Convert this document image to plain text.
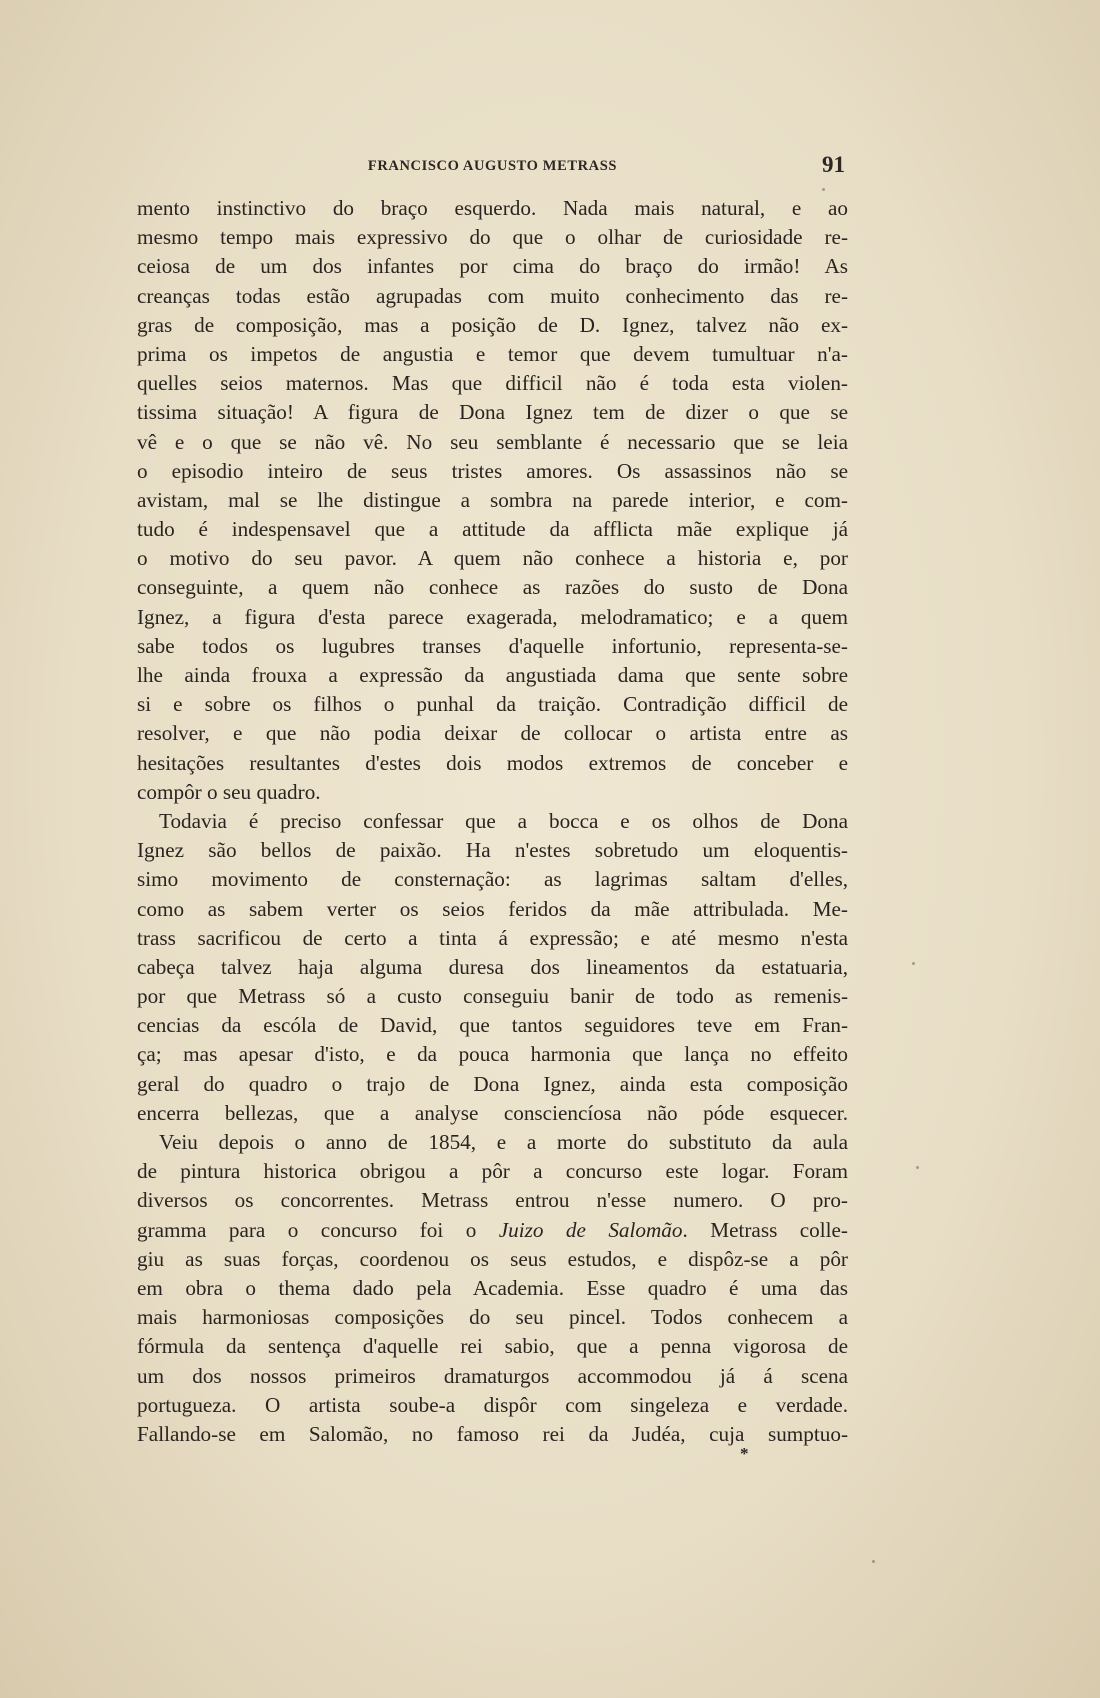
FRANCISCO AUGUSTO METRASS	91
mento instinctivo do braço esquerdo. Nada mais natural, e ao
mesmo tempo mais expressivo do que o olhar de curiosidade re-
ceiosa de um dos infantes por cima do braço do irmão! As
creanças todas estão agrupadas com muito conhecimento das re-
gras de composição, mas a posição de D. Ignez, talvez não ex-
prima os impetos de angustia e temor que devem tumultuar n'a-
quelles seios maternos. Mas que difficil não é toda esta violen-
tissima situação! A figura de Dona Ignez tem de dizer o que se
vê e o que se não vê. No seu semblante é necessario que se leia
o episodio inteiro de seus tristes amores. Os assassinos não se
avistam, mal se lhe distingue a sombra na parede interior, e com-
tudo é indespensavel que a attitude da afflicta mãe explique já
o motivo do seu pavor. A quem não conhece a historia e, por
conseguinte, a quem não conhece as razões do susto de Dona
Ignez, a figura d'esta parece exagerada, melodramatico; e a quem
sabe todos os lugubres transes d'aquelle infortunio, representa-se-
lhe ainda frouxa a expressão da angustiada dama que sente sobre
si e sobre os filhos o punhal da traição. Contradição difficil de
resolver, e que não podia deixar de collocar o artista entre as
hesitações resultantes d'estes dois modos extremos de conceber e
compôr o seu quadro.
Todavia é preciso confessar que a bocca e os olhos de Dona
Ignez são bellos de paixão. Ha n'estes sobretudo um eloquentis-
simo movimento de consternação: as lagrimas saltam d'elles,
como as sabem verter os seios feridos da mãe attribulada. Me-
trass sacrificou de certo a tinta á expressão; e até mesmo n'esta
cabeça talvez haja alguma duresa dos lineamentos da estatuaria,
por que Metrass só a custo conseguiu banir de todo as remenis-
cencias da escóla de David, que tantos seguidores teve em Fran-
ça; mas apesar d'isto, e da pouca harmonia que lança no effeito
geral do quadro o trajo de Dona Ignez, ainda esta composição
encerra bellezas, que a analyse consciencíosa não póde esquecer.
Veiu depois o anno de 1854, e a morte do substituto da aula
de pintura historica obrigou a pôr a concurso este logar. Foram
diversos os concorrentes. Metrass entrou n'esse numero. O pro-
gramma para o concurso foi o Juizo de Salomão. Metrass colle-
giu as suas forças, coordenou os seus estudos, e dispôz-se a pôr
em obra o thema dado pela Academia. Esse quadro é uma das
mais harmoniosas composições do seu pincel. Todos conhecem a
fórmula da sentença d'aquelle rei sabio, que a penna vigorosa de
um dos nossos primeiros dramaturgos accommodou já á scena
portugueza. O artista soube-a dispôr com singeleza e verdade.
Fallando-se em Salomão, no famoso rei da Judéa, cuja sumptuo-
*
